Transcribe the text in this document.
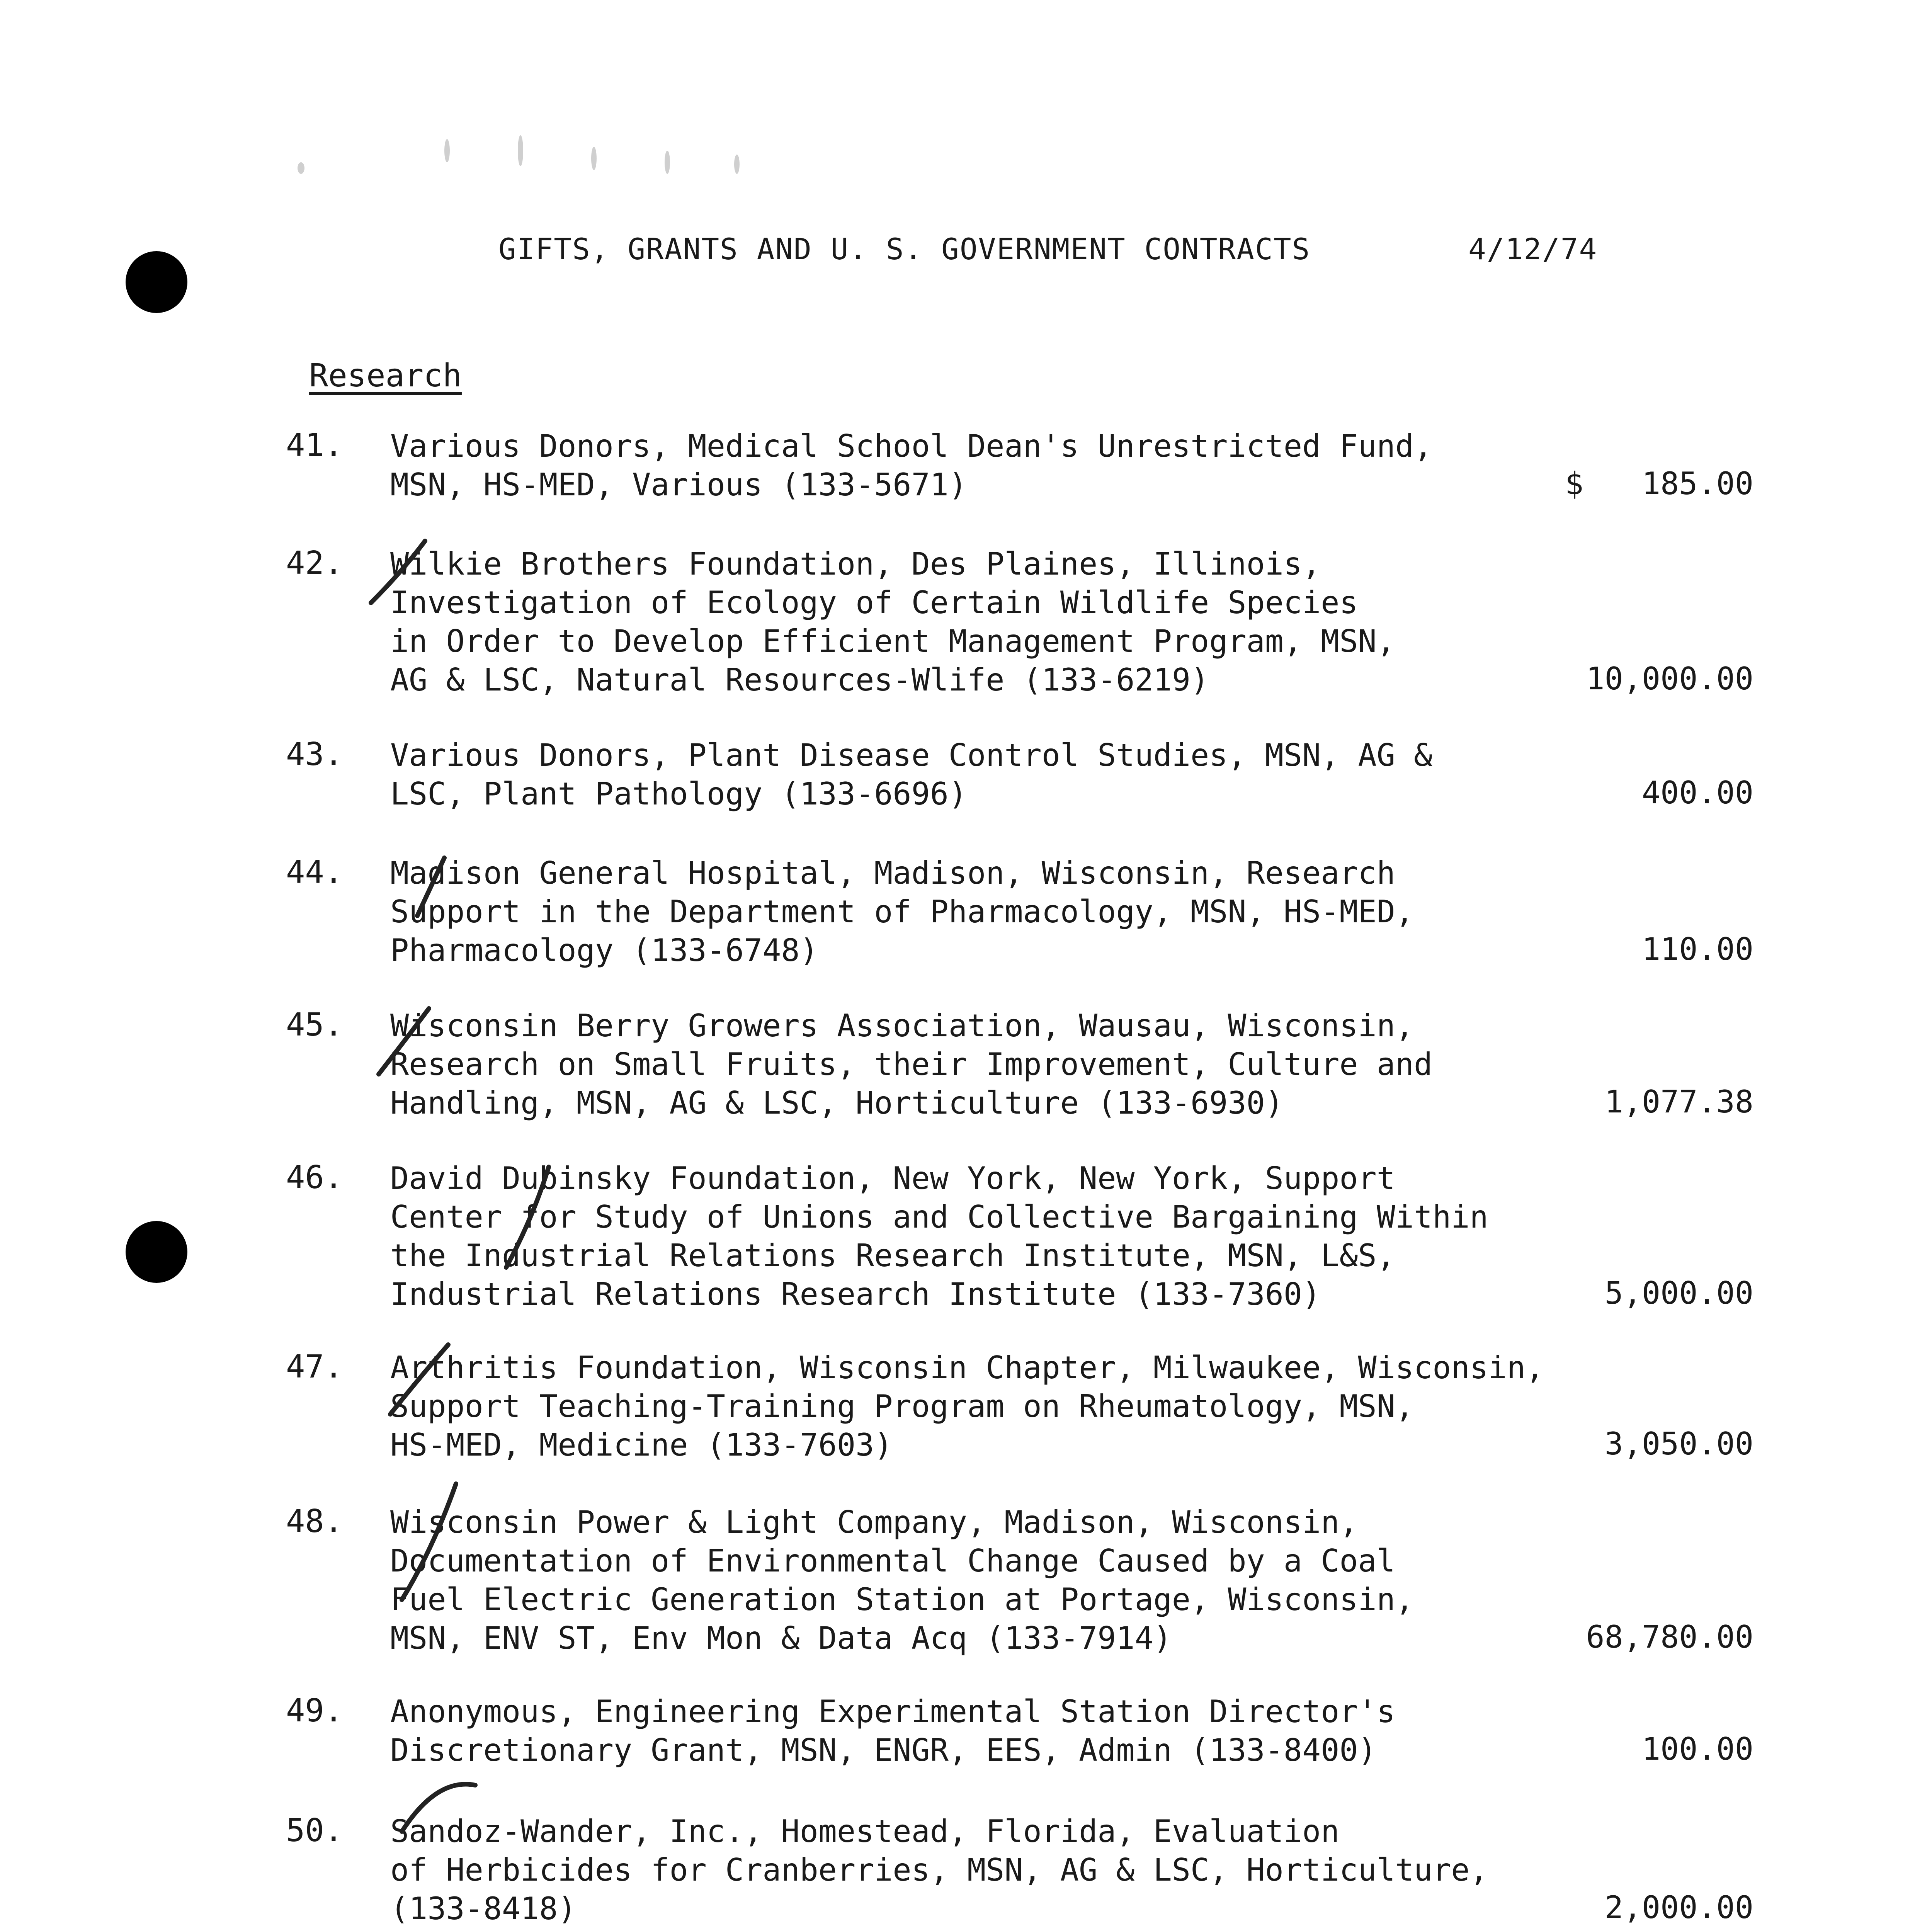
GIFTS, GRANTS AND U. S. GOVERNMENT CONTRACTS	4/12/74
Research
41. Various Donors, Medical School Dean's Unrestricted Fund,
MSN, HS-MED, Various (133-5671)	$ 185.00
42. Wilkie Brothers Foundation, Des Plaines, Illinois,
Investigation of Ecology of Certain Wildlife Species
in Order to Develop Efficient Management Program, MSN,
AG & LSC, Natural Resources-Wlife (133-6219)	10,000.00
43. Various Donors, Plant Disease Control Studies, MSN, AG &
LSC, Plant Pathology (133-6696)	400.00
44. Madison General Hospital, Madison, Wisconsin, Research
Support in the Department of Pharmacology, MSN, HS-MED,
Pharmacology (133-6748)	110.00
45. Wisconsin Berry Growers Association, Wausau, Wisconsin,
Research on Small Fruits, their Improvement, Culture and
Handling, MSN, AG & LSC, Horticulture (133-6930)	1,077.38
46. David Dubinsky Foundation, New York, New York, Support
Center for Study of Unions and Collective Bargaining Within
the Industrial Relations Research Institute, MSN, L&S,
Industrial Relations Research Institute (133-7360)	5,000.00
47. Arthritis Foundation, Wisconsin Chapter, Milwaukee, Wisconsin,
Support Teaching-Training Program on Rheumatology, MSN,
HS-MED, Medicine (133-7603)	3,050.00
48. Wisconsin Power & Light Company, Madison, Wisconsin,
Documentation of Environmental Change Caused by a Coal
Fuel Electric Generation Station at Portage, Wisconsin,
MSN, ENV ST, Env Mon & Data Acq (133-7914)	68,780.00
49. Anonymous, Engineering Experimental Station Director's
Discretionary Grant, MSN, ENGR, EES, Admin (133-8400)	100.00
50. Sandoz-Wander, Inc., Homestead, Florida, Evaluation
of Herbicides for Cranberries, MSN, AG & LSC, Horticulture,
(133-8418)	2,000.00
